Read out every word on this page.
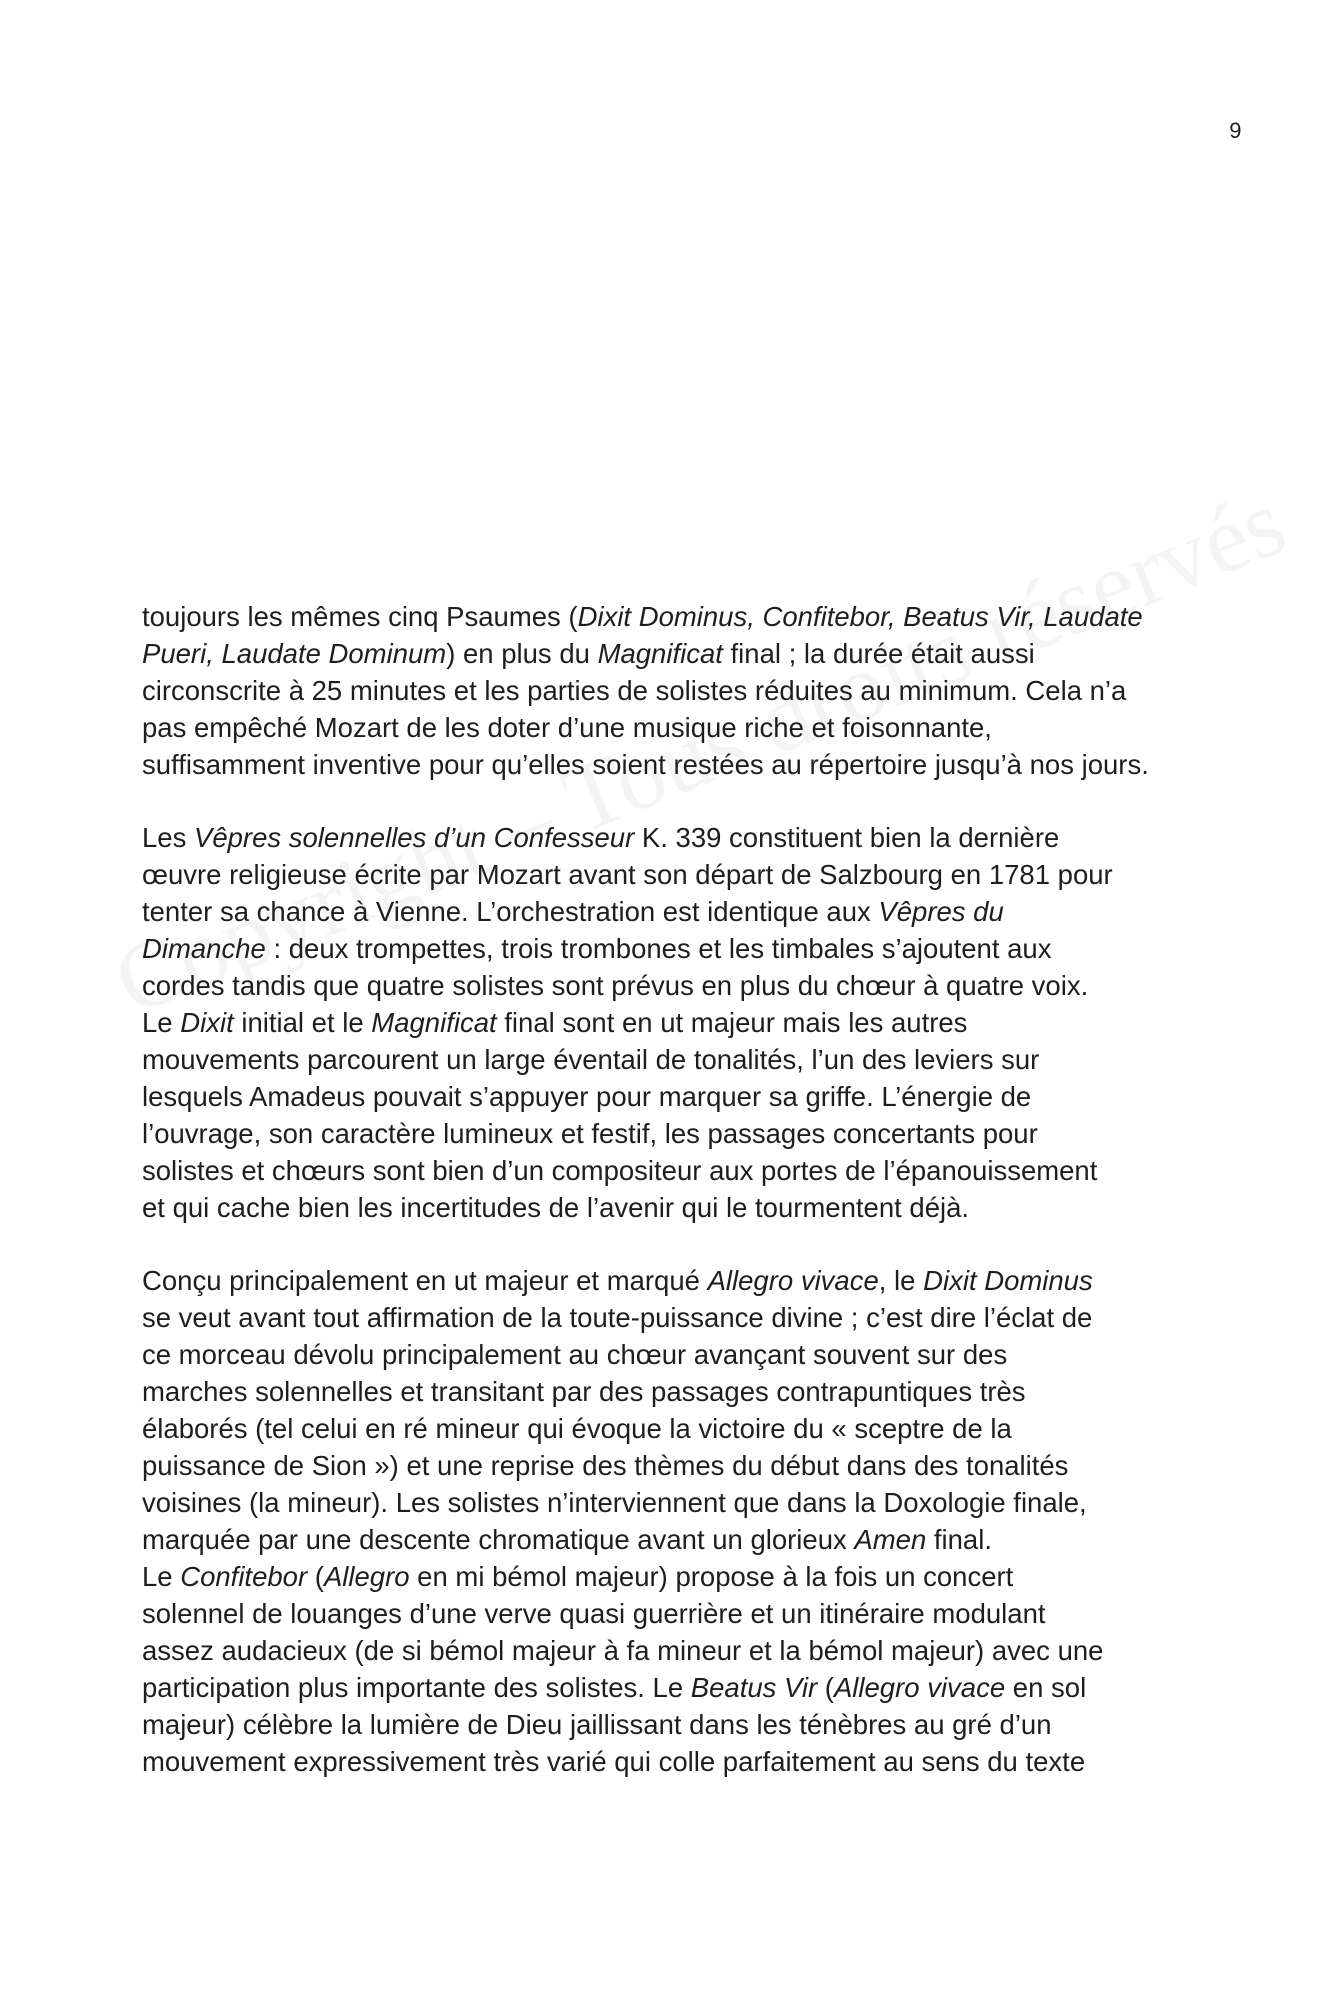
9
toujours les mêmes cinq Psaumes (Dixit Dominus, Confitebor, Beatus Vir, Laudate
Pueri, Laudate Dominum) en plus du Magnificat final ; la durée était aussi
circonscrite à 25 minutes et les parties de solistes réduites au minimum. Cela n’a
pas empêché Mozart de les doter d’une musique riche et foisonnante,
suffisamment inventive pour qu’elles soient restées au répertoire jusqu’à nos jours.
Les Vêpres solennelles d’un Confesseur K. 339 constituent bien la dernière
œuvre religieuse écrite par Mozart avant son départ de Salzbourg en 1781 pour
tenter sa chance à Vienne. L’orchestration est identique aux Vêpres du
Dimanche : deux trompettes, trois trombones et les timbales s’ajoutent aux
cordes tandis que quatre solistes sont prévus en plus du chœur à quatre voix.
Le Dixit initial et le Magnificat final sont en ut majeur mais les autres
mouvements parcourent un large éventail de tonalités, l’un des leviers sur
lesquels Amadeus pouvait s’appuyer pour marquer sa griffe. L’énergie de
l’ouvrage, son caractère lumineux et festif, les passages concertants pour
solistes et chœurs sont bien d’un compositeur aux portes de l’épanouissement
et qui cache bien les incertitudes de l’avenir qui le tourmentent déjà.
Conçu principalement en ut majeur et marqué Allegro vivace, le Dixit Dominus
se veut avant tout affirmation de la toute-puissance divine ; c’est dire l’éclat de
ce morceau dévolu principalement au chœur avançant souvent sur des
marches solennelles et transitant par des passages contrapuntiques très
élaborés (tel celui en ré mineur qui évoque la victoire du « sceptre de la
puissance de Sion ») et une reprise des thèmes du début dans des tonalités
voisines (la mineur). Les solistes n’interviennent que dans la Doxologie finale,
marquée par une descente chromatique avant un glorieux Amen final.
Le Confitebor (Allegro en mi bémol majeur) propose à la fois un concert
solennel de louanges d’une verve quasi guerrière et un itinéraire modulant
assez audacieux (de si bémol majeur à fa mineur et la bémol majeur) avec une
participation plus importante des solistes. Le Beatus Vir (Allegro vivace en sol
majeur) célèbre la lumière de Dieu jaillissant dans les ténèbres au gré d’un
mouvement expressivement très varié qui colle parfaitement au sens du texte
